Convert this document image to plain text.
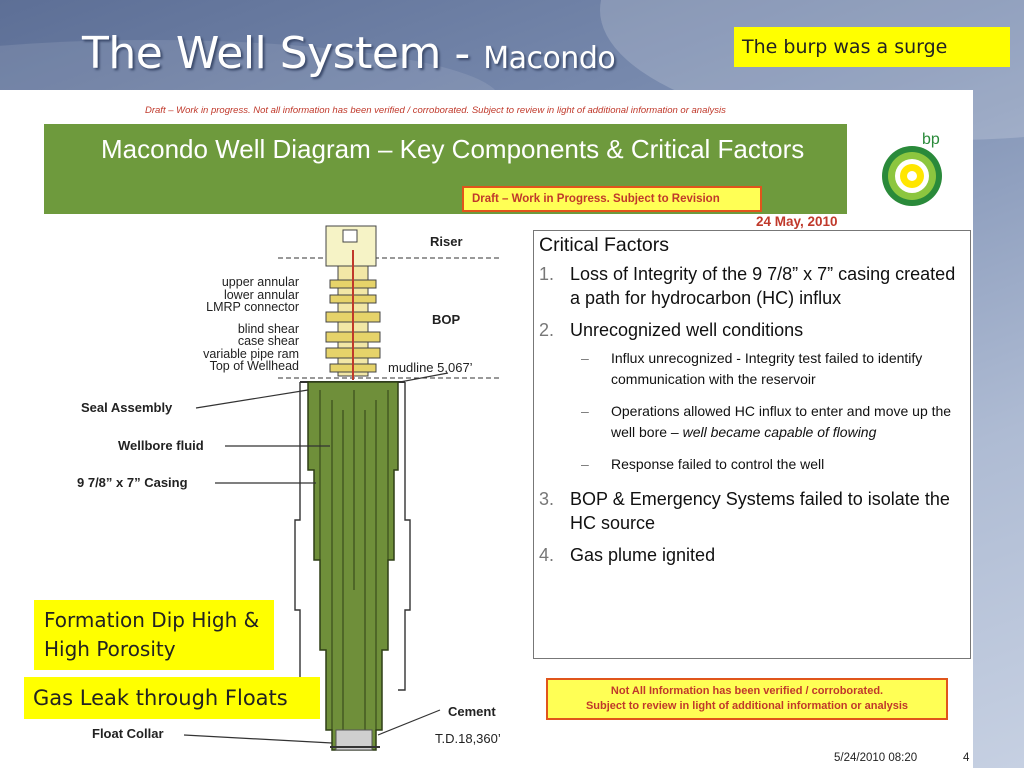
The Well System - Macondo	The burp was a surge
Draft – Work in progress. Not all information has been verified / corroborated. Subject to review in light of additional information or analysis
Macondo Well Diagram – Key Components & Critical Factors
Draft – Work in Progress. Subject to Revision
bp
24 May, 2010
Riser
BOP
mudline 5,067’
upper annular
lower annular
LMRP connector
blind shear
case shear
variable pipe ram
Top of Wellhead
Seal Assembly
Wellbore fluid
9 7/8” x 7” Casing
Cement
Float Collar	T.D.18,360’
Critical Factors
1. Loss of Integrity of the 9 7/8” x 7” casing created a path for hydrocarbon (HC) influx
2. Unrecognized well conditions
–	Influx unrecognized - Integrity test failed to identify communication with the reservoir
–	Operations allowed HC influx to enter and move up the well bore – well became capable of flowing
–	Response failed to control the well
3. BOP & Emergency Systems failed to isolate the HC source
4. Gas plume ignited
Not All Information has been verified / corroborated.
Subject to review in light of additional information or analysis
5/24/2010 08:20	4
Formation Dip High & High Porosity
Gas Leak through Floats
